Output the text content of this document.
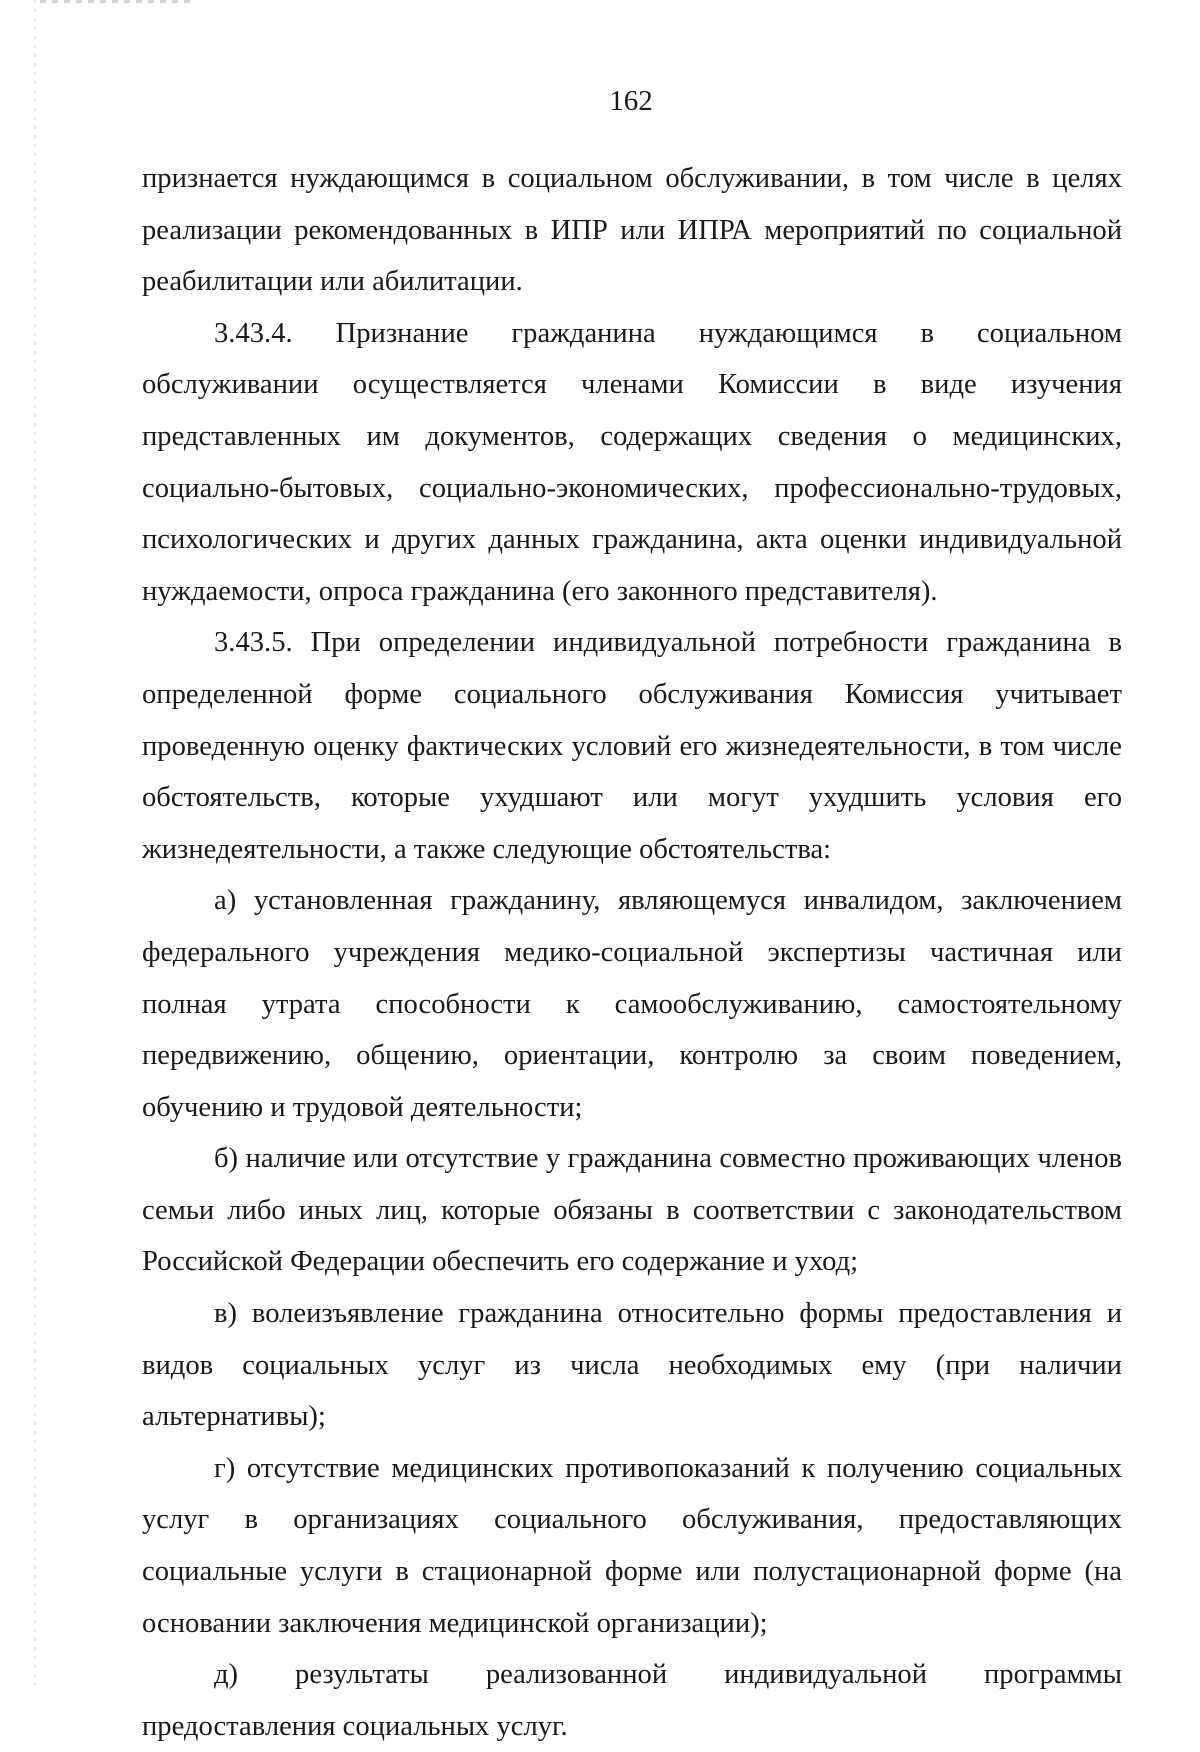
162

признается нуждающимся в социальном обслуживании, в том числе в целях реализации рекомендованных в ИПР или ИПРА мероприятий по социальной реабилитации или абилитации.

3.43.4. Признание гражданина нуждающимся в социальном обслуживании осуществляется членами Комиссии в виде изучения представленных им документов, содержащих сведения о медицинских, социально-бытовых, социально-экономических, профессионально-трудовых, психологических и других данных гражданина, акта оценки индивидуальной нуждаемости, опроса гражданина (его законного представителя).

3.43.5. При определении индивидуальной потребности гражданина в определенной форме социального обслуживания Комиссия учитывает проведенную оценку фактических условий его жизнедеятельности, в том числе обстоятельств, которые ухудшают или могут ухудшить условия его жизнедеятельности, а также следующие обстоятельства:

а) установленная гражданину, являющемуся инвалидом, заключением федерального учреждения медико-социальной экспертизы частичная или полная утрата способности к самообслуживанию, самостоятельному передвижению, общению, ориентации, контролю за своим поведением, обучению и трудовой деятельности;

б) наличие или отсутствие у гражданина совместно проживающих членов семьи либо иных лиц, которые обязаны в соответствии с законодательством Российской Федерации обеспечить его содержание и уход;

в) волеизъявление гражданина относительно формы предоставления и видов социальных услуг из числа необходимых ему (при наличии альтернативы);

г) отсутствие медицинских противопоказаний к получению социальных услуг в организациях социального обслуживания, предоставляющих социальные услуги в стационарной форме или полустационарной форме (на основании заключения медицинской организации);

д) результаты реализованной индивидуальной программы предоставления социальных услуг.
